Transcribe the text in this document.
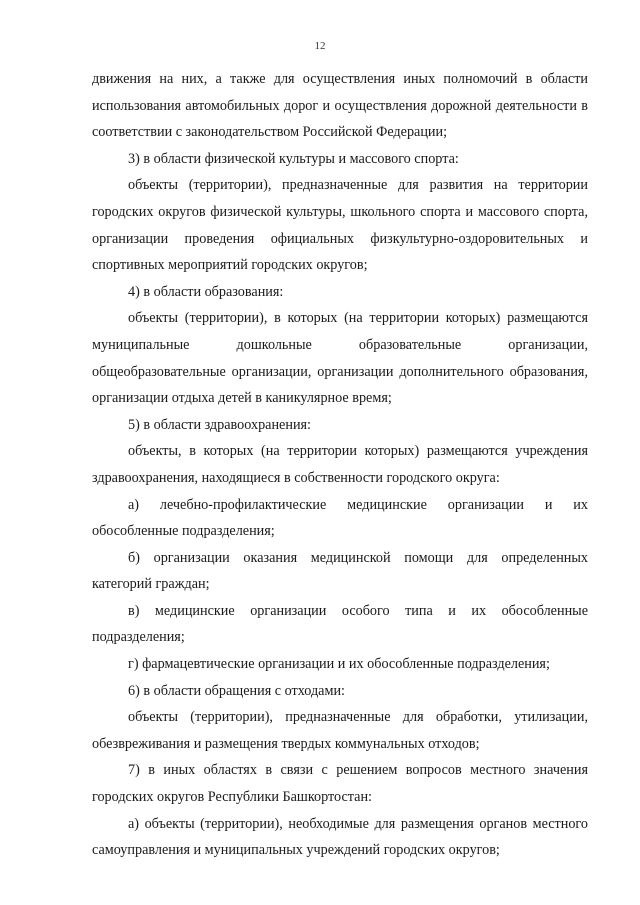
12

движения на них, а также для осуществления иных полномочий в области использования автомобильных дорог и осуществления дорожной деятельности в соответствии с законодательством Российской Федерации;

3) в области физической культуры и массового спорта:

объекты (территории), предназначенные для развития на территории городских округов физической культуры, школьного спорта и массового спорта, организации проведения официальных физкультурно-оздоровительных и спортивных мероприятий городских округов;

4) в области образования:

объекты (территории), в которых (на территории которых) размещаются муниципальные дошкольные образовательные организации, общеобразовательные организации, организации дополнительного образования, организации отдыха детей в каникулярное время;

5) в области здравоохранения:

объекты, в которых (на территории которых) размещаются учреждения здравоохранения, находящиеся в собственности городского округа:

а) лечебно-профилактические медицинские организации и их обособленные подразделения;

б) организации оказания медицинской помощи для определенных категорий граждан;

в) медицинские организации особого типа и их обособленные подразделения;

г) фармацевтические организации и их обособленные подразделения;

6) в области обращения с отходами:

объекты (территории), предназначенные для обработки, утилизации, обезвреживания и размещения твердых коммунальных отходов;

7) в иных областях в связи с решением вопросов местного значения городских округов Республики Башкортостан:

а) объекты (территории), необходимые для размещения органов местного самоуправления и муниципальных учреждений городских округов;
